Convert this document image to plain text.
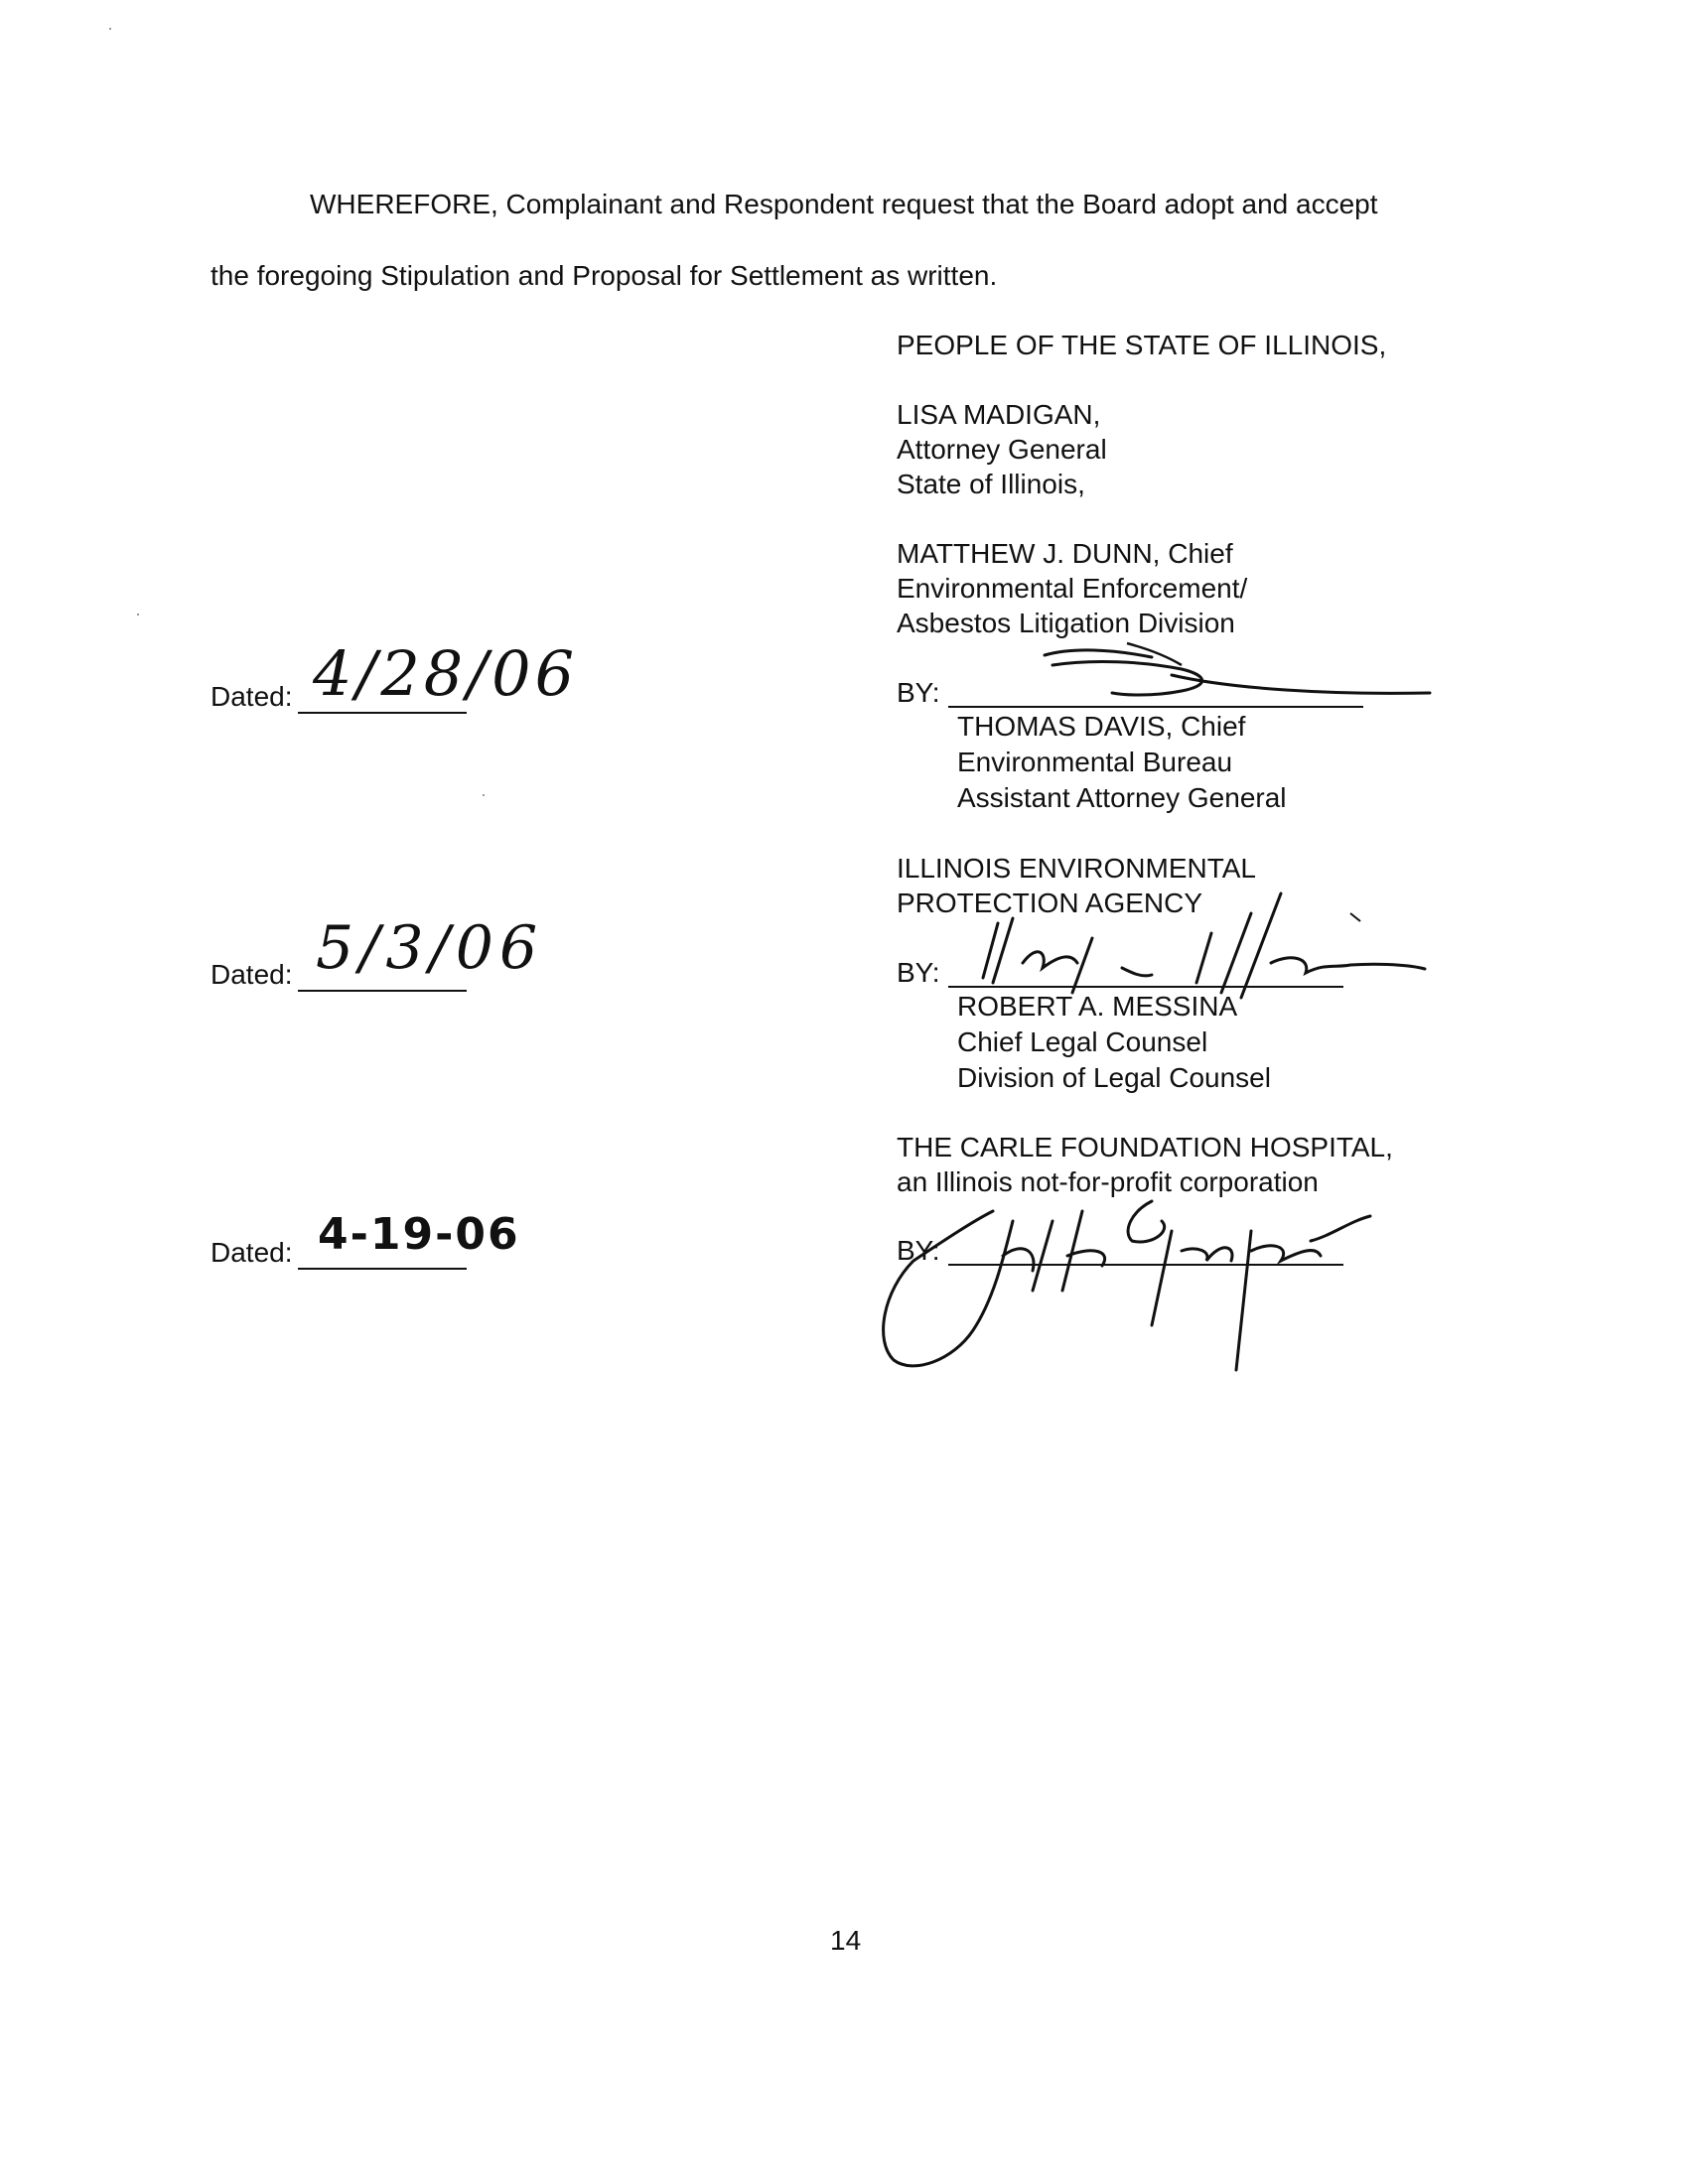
WHEREFORE, Complainant and Respondent request that the Board adopt and accept

the foregoing Stipulation and Proposal for Settlement as written.

PEOPLE OF THE STATE OF ILLINOIS,

LISA MADIGAN,

Attorney General

State of Illinois,

MATTHEW J. DUNN, Chief

Environmental Enforcement/

Asbestos Litigation Division

BY:

THOMAS DAVIS, Chief

Environmental Bureau

Assistant Attorney General

Dated: 4/28/06

ILLINOIS ENVIRONMENTAL

PROTECTION AGENCY

BY:

ROBERT A. MESSINA

Chief Legal Counsel

Division of Legal Counsel

Dated: 5/3/06

THE CARLE FOUNDATION HOSPITAL,

an Illinois not-for-profit corporation

BY:

Dated: 4-19-06

14
